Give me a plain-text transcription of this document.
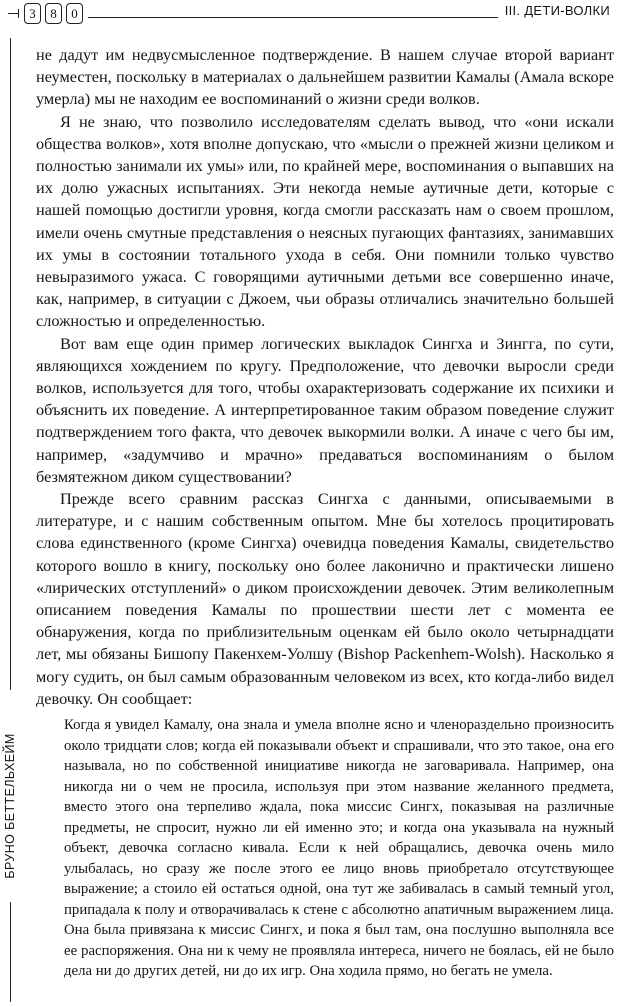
3	8	0	III. ДЕТИ-ВОЛКИ
БРУНО БЕТТЕЛЬХЕЙМ

не дадут им недвусмысленное подтверждение. В нашем случае второй вариант неуместен, поскольку в материалах о дальнейшем развитии Камалы (Амала вскоре умерла) мы не находим ее воспоминаний о жизни среди волков.

Я не знаю, что позволило исследователям сделать вывод, что «они искали общества волков», хотя вполне допускаю, что «мысли о прежней жизни целиком и полностью занимали их умы» или, по крайней мере, воспоминания о выпавших на их долю ужасных испытаниях. Эти некогда немые аутичные дети, которые с нашей помощью достигли уровня, когда смогли рассказать нам о своем прошлом, имели очень смутные представления о неясных пугающих фантазиях, занимавших их умы в состоянии тотального ухода в себя. Они помнили только чувство невыразимого ужаса. С говорящими аутичными детьми все совершенно иначе, как, например, в ситуации с Джоем, чьи образы отличались значительно большей сложностью и определенностью.

Вот вам еще один пример логических выкладок Сингха и Зингга, по сути, являющихся хождением по кругу. Предположение, что девочки выросли среди волков, используется для того, чтобы охарактеризовать содержание их психики и объяснить их поведение. А интерпретированное таким образом поведение служит подтверждением того факта, что девочек выкормили волки. А иначе с чего бы им, например, «задумчиво и мрачно» предаваться воспоминаниям о былом безмятежном диком существовании?

Прежде всего сравним рассказ Сингха с данными, описываемыми в литературе, и с нашим собственным опытом. Мне бы хотелось процитировать слова единственного (кроме Сингха) очевидца поведения Камалы, свидетельство которого вошло в книгу, поскольку оно более лаконично и практически лишено «лирических отступлений» о диком происхождении девочек. Этим великолепным описанием поведения Камалы по прошествии шести лет с момента ее обнаружения, когда по приблизительным оценкам ей было около четырнадцати лет, мы обязаны Бишопу Пакенхем-Уолшу (Bishop Packenhem-Wolsh). Насколько я могу судить, он был самым образованным человеком из всех, кто когда-либо видел девочку. Он сообщает:

Когда я увидел Камалу, она знала и умела вполне ясно и членораздельно произносить около тридцати слов; когда ей показывали объект и спрашивали, что это такое, она его называла, но по собственной инициативе никогда не заговаривала. Например, она никогда ни о чем не просила, используя при этом название желанного предмета, вместо этого она терпеливо ждала, пока миссис Сингх, показывая на различные предметы, не спросит, нужно ли ей именно это; и когда она указывала на нужный объект, девочка согласно кивала. Если к ней обращались, девочка очень мило улыбалась, но сразу же после этого ее лицо вновь приобретало отсутствующее выражение; а стоило ей остаться одной, она тут же забивалась в самый темный угол, припадала к полу и отворачивалась к стене с абсолютно апатичным выражением лица. Она была привязана к миссис Сингх, и пока я был там, она послушно выполняла все ее распоряжения. Она ни к чему не проявляла интереса, ничего не боялась, ей не было дела ни до других детей, ни до их игр. Она ходила прямо, но бегать не умела.
